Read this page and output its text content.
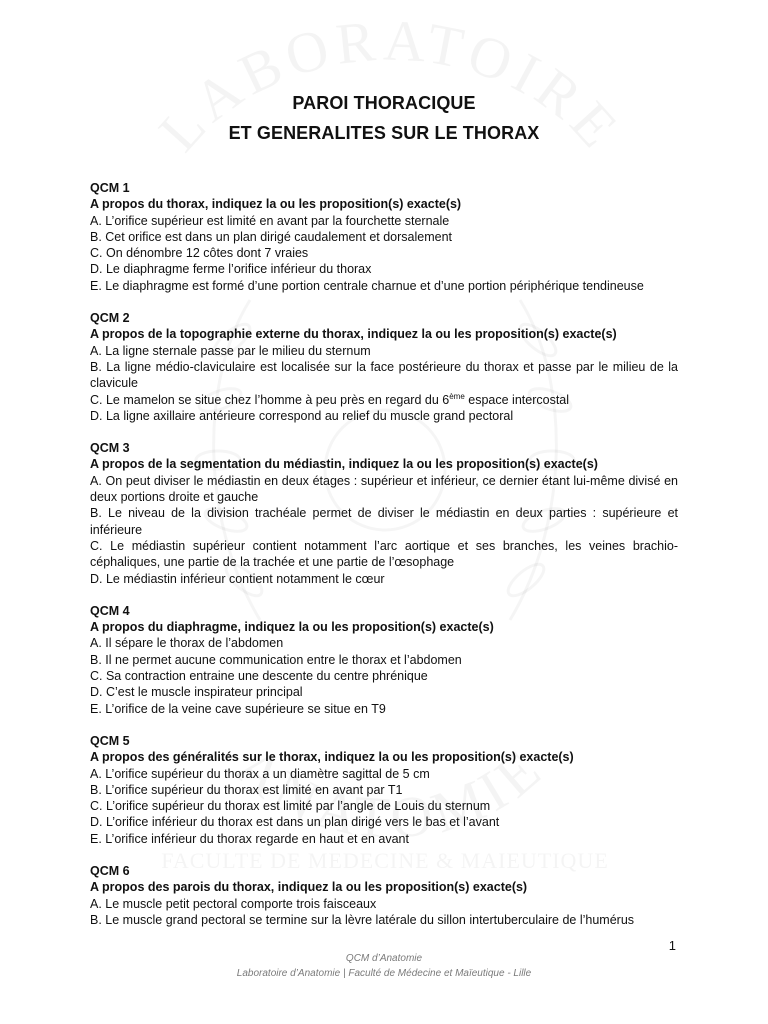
LABORATOIRE
ANATOMIE
FACULTE DE MEDECINE & MAIEUTIQUE
PAROI THORACIQUE
ET GENERALITES SUR LE THORAX
QCM 1
A propos du thorax, indiquez la ou les proposition(s) exacte(s)
A. L’orifice supérieur est limité en avant par la fourchette sternale
B. Cet orifice est dans un plan dirigé caudalement et dorsalement
C. On dénombre 12 côtes dont 7 vraies
D. Le diaphragme ferme l’orifice inférieur du thorax
E. Le diaphragme est formé d’une portion centrale charnue et d’une portion périphérique tendineuse
QCM 2
A propos de la topographie externe du thorax, indiquez la ou les proposition(s) exacte(s)
A. La ligne sternale passe par le milieu du sternum
B. La ligne médio-claviculaire est localisée sur la face postérieure du thorax et passe par le milieu de la clavicule
C. Le mamelon se situe chez l’homme à peu près en regard du 6ème espace intercostal
D. La ligne axillaire antérieure correspond au relief du muscle grand pectoral
QCM 3
A propos de la segmentation du médiastin, indiquez la ou les proposition(s) exacte(s)
A. On peut diviser le médiastin en deux étages : supérieur et inférieur, ce dernier étant lui-même divisé en deux portions droite et gauche
B. Le niveau de la division trachéale permet de diviser le médiastin en deux parties : supérieure et inférieure
C. Le médiastin supérieur contient notamment l’arc aortique et ses branches, les veines brachio-céphaliques, une partie de la trachée et une partie de l’œsophage
D. Le médiastin inférieur contient notamment le cœur
QCM 4
A propos du diaphragme, indiquez la ou les proposition(s) exacte(s)
A. Il sépare le thorax de l’abdomen
B. Il ne permet aucune communication entre le thorax et l’abdomen
C. Sa contraction entraine une descente du centre phrénique
D. C’est le muscle inspirateur principal
E. L’orifice de la veine cave supérieure se situe en T9
QCM 5
A propos des généralités sur le thorax, indiquez la ou les proposition(s) exacte(s)
A. L’orifice supérieur du thorax a un diamètre sagittal de 5 cm
B. L’orifice supérieur du thorax est limité en avant par T1
C. L’orifice supérieur du thorax est limité par l’angle de Louis du sternum
D. L’orifice inférieur du thorax est dans un plan dirigé vers le bas et l’avant
E. L’orifice inférieur du thorax regarde en haut et en avant
QCM 6
A propos des parois du thorax, indiquez la ou les proposition(s) exacte(s)
A. Le muscle petit pectoral comporte trois faisceaux
B. Le muscle grand pectoral se termine sur la lèvre latérale du sillon intertuberculaire de l’humérus
1
QCM d’Anatomie
Laboratoire d’Anatomie | Faculté de Médecine et Maïeutique - Lille
